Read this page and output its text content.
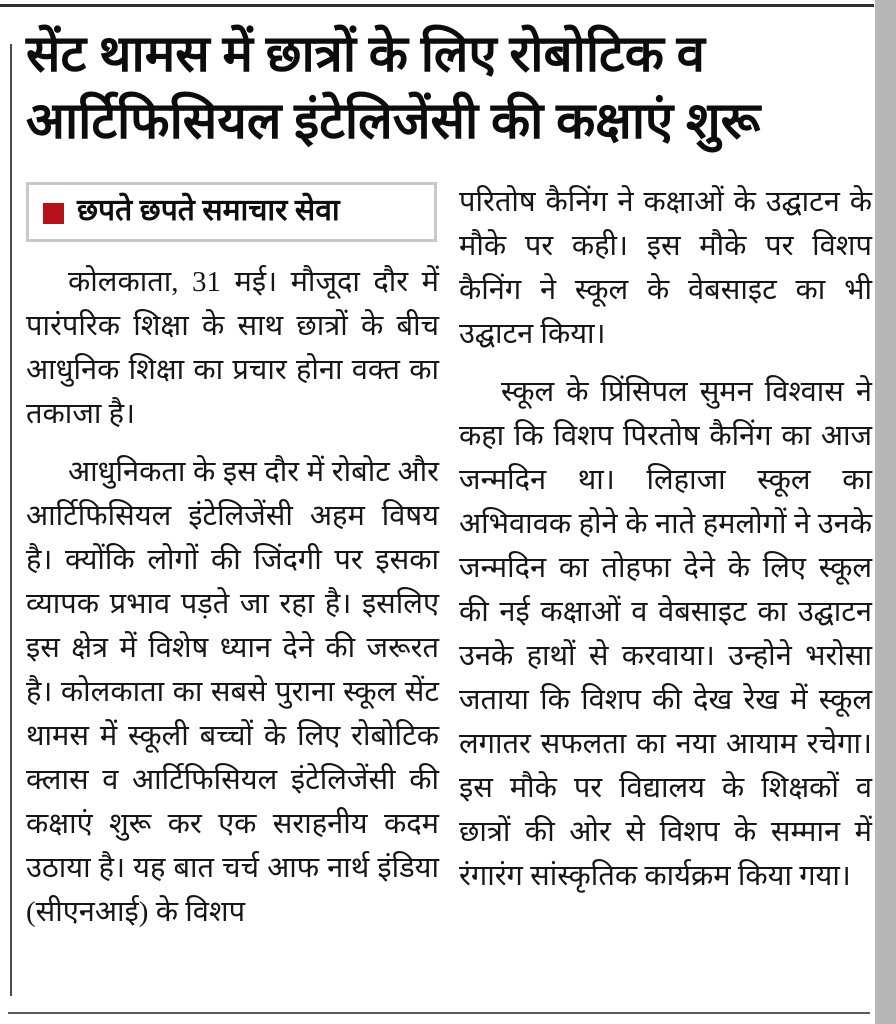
सेंट थामस में छात्रों के लिए रोबोटिक व
आर्टिफिसियल इंटेलिजेंसी की कक्षाएं शुरू
छपते छपते समाचार सेवा

कोलकाता, 31 मई। मौजूदा दौर में पारंपरिक शिक्षा के साथ छात्रों के बीच आधुनिक शिक्षा का प्रचार होना वक्त का तकाजा है।

आधुनिकता के इस दौर में रोबोट और आर्टिफिसियल इंटेलिजेंसी अहम विषय है। क्योंकि लोगों की जिंदगी पर इसका व्यापक प्रभाव पड़ते जा रहा है। इसलिए इस क्षेत्र में विशेष ध्यान देने की जरूरत है। कोलकाता का सबसे पुराना स्कूल सेंट थामस में स्कूली बच्चों के लिए रोबोटिक क्लास व आर्टिफिसियल इंटेलिजेंसी की कक्षाएं शुरू कर एक सराहनीय कदम उठाया है। यह बात चर्च आफ नार्थ इंडिया (सीएनआई) के विशप

परितोष कैनिंग ने कक्षाओं के उद्घाटन के मौके पर कही। इस मौके पर विशप कैनिंग ने स्कूल के वेबसाइट का भी उद्घाटन किया।

स्कूल के प्रिंसिपल सुमन विश्वास ने कहा कि विशप पिरतोष कैनिंग का आज जन्मदिन था। लिहाजा स्कूल का अभिवावक होने के नाते हमलोगों ने उनके जन्मदिन का तोहफा देने के लिए स्कूल की नई कक्षाओं व वेबसाइट का उद्घाटन उनके हाथों से करवाया। उन्होने भरोसा जताया कि विशप की देख रेख में स्कूल लगातर सफलता का नया आयाम रचेगा। इस मौके पर विद्यालय के शिक्षकों व छात्रों की ओर से विशप के सम्मान में रंगारंग सांस्कृतिक कार्यक्रम किया गया।
